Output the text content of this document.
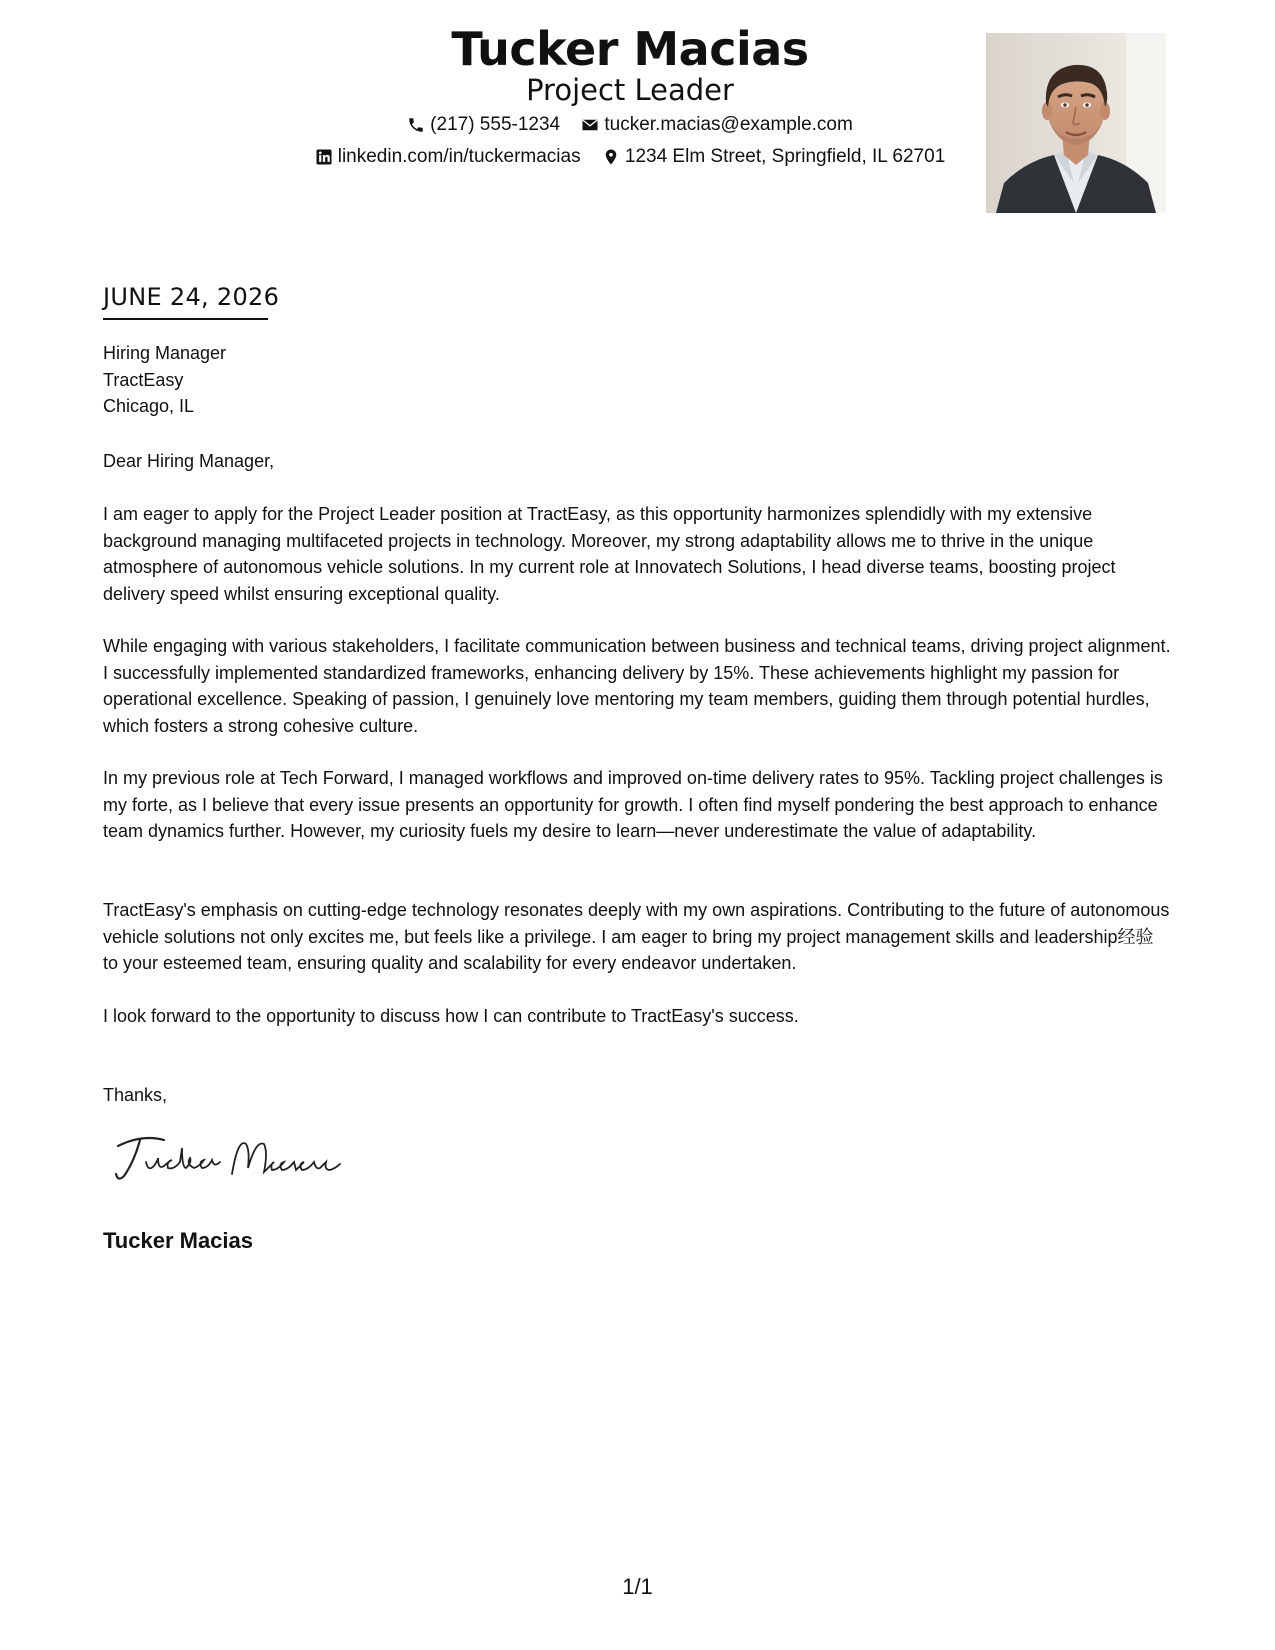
Tucker Macias
Project Leader
(217) 555-1234
tucker.macias@example.com
linkedin.com/in/tuckermacias
1234 Elm Street, Springfield, IL 62701
JUNE 24, 2026
Hiring Manager
TractEasy
Chicago, IL
Dear Hiring Manager,
I am eager to apply for the Project Leader position at TractEasy, as this opportunity harmonizes splendidly with my extensive background managing multifaceted projects in technology. Moreover, my strong adaptability allows me to thrive in the unique atmosphere of autonomous vehicle solutions. In my current role at Innovatech Solutions, I head diverse teams, boosting project delivery speed whilst ensuring exceptional quality.
While engaging with various stakeholders, I facilitate communication between business and technical teams, driving project alignment. I successfully implemented standardized frameworks, enhancing delivery by 15%. These achievements highlight my passion for operational excellence. Speaking of passion, I genuinely love mentoring my team members, guiding them through potential hurdles, which fosters a strong cohesive culture.
In my previous role at Tech Forward, I managed workflows and improved on-time delivery rates to 95%. Tackling project challenges is my forte, as I believe that every issue presents an opportunity for growth. I often find myself pondering the best approach to enhance team dynamics further. However, my curiosity fuels my desire to learn—never underestimate the value of adaptability.
TractEasy's emphasis on cutting-edge technology resonates deeply with my own aspirations. Contributing to the future of autonomous vehicle solutions not only excites me, but feels like a privilege. I am eager to bring my project management skills and leadership经验 to your esteemed team, ensuring quality and scalability for every endeavor undertaken.
I look forward to the opportunity to discuss how I can contribute to TractEasy's success.
Thanks,
Tucker Macias
1/1
